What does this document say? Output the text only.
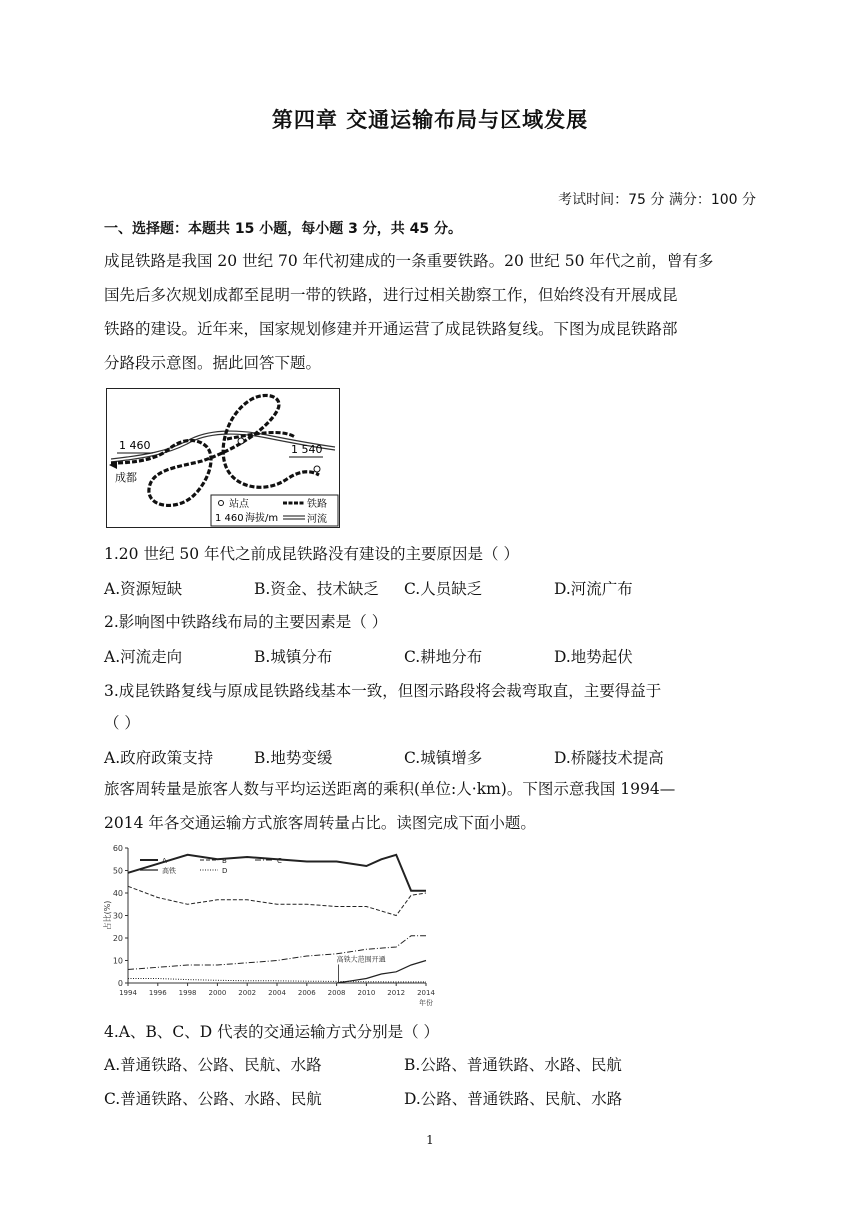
第四章 交通运输布局与区域发展
考试时间：75 分 满分：100 分
一、选择题：本题共 15 小题，每小题 3 分，共 45 分。
成昆铁路是我国 20 世纪 70 年代初建成的一条重要铁路。20 世纪 50 年代之前，曾有多
国先后多次规划成都至昆明一带的铁路，进行过相关勘察工作，但始终没有开展成昆
铁路的建设。近年来，国家规划修建并开通运营了成昆铁路复线。下图为成昆铁路部
分路段示意图。据此回答下题。
1 460	1 540
成都
站点	铁路
1 460 海拔/m	河流
1.20 世纪 50 年代之前成昆铁路没有建设的主要原因是（ ）
A.资源短缺	B.资金、技术缺乏 C.人员缺乏	D.河流广布
2.影响图中铁路线布局的主要因素是（ ）
A.河流走向	B.城镇分布	C.耕地分布	D.地势起伏
3.成昆铁路复线与原成昆铁路线基本一致，但图示路段将会裁弯取直，主要得益于
（ ）
A.政府政策支持	B.地势变缓	C.城镇增多	D.桥隧技术提高
旅客周转量是旅客人数与平均运送距离的乘积(单位:人·km)。下图示意我国 1994—
2014 年各交通运输方式旅客周转量占比。读图完成下面小题。
0
10
20
30
40
50
60
1994 1996 1998 2000 2002 2004 2006 2008 2010 2012 2014
年份
占比(%)
A	B	C
高铁	D
高铁大范围开通
4.A、B、C、D 代表的交通运输方式分别是（ ）
A.普通铁路、公路、民航、水路	B.公路、普通铁路、水路、民航
C.普通铁路、公路、水路、民航	D.公路、普通铁路、民航、水路
1
